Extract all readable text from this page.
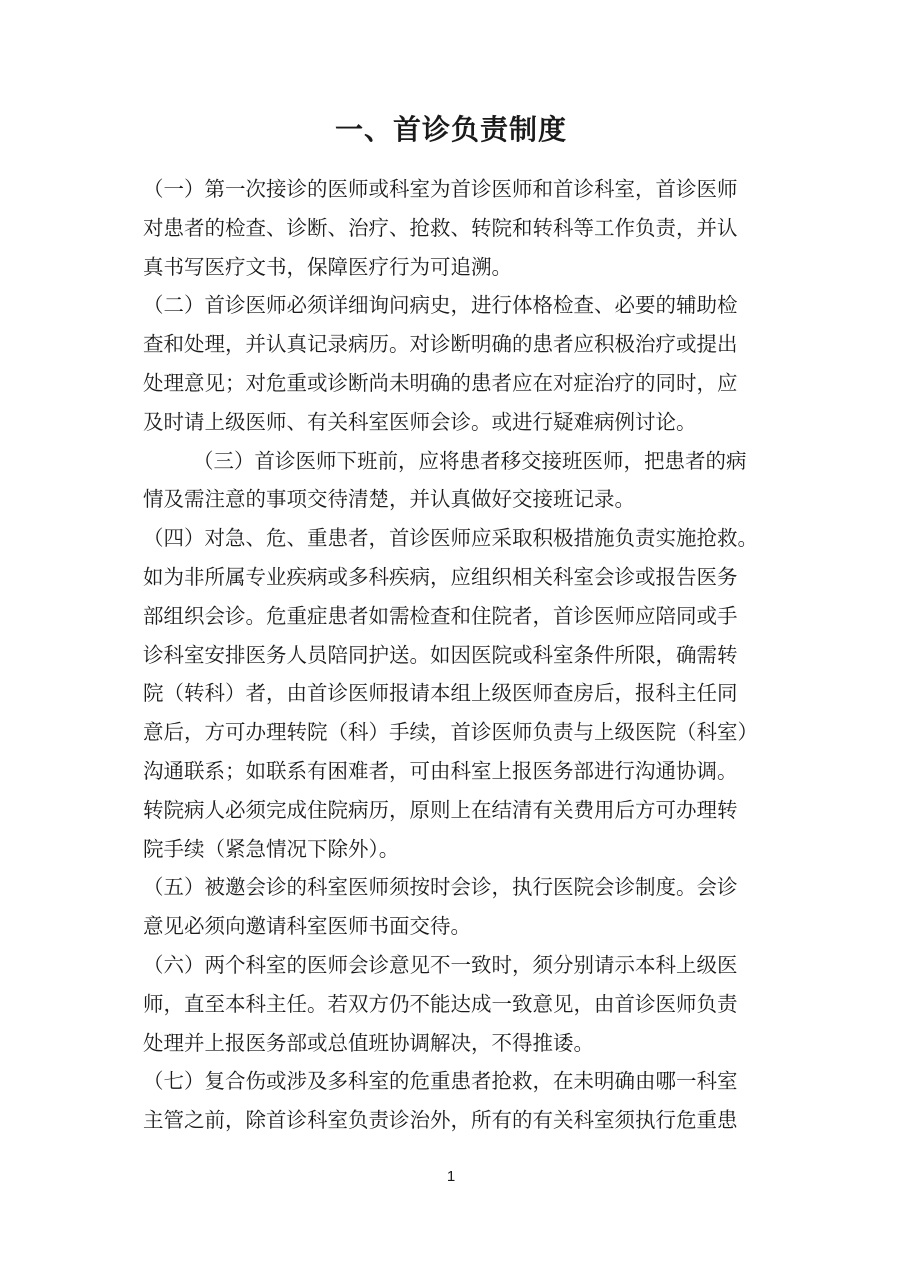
一、首诊负责制度
（一）第一次接诊的医师或科室为首诊医师和首诊科室，首诊医师
对患者的检查、诊断、治疗、抢救、转院和转科等工作负责，并认
真书写医疗文书，保障医疗行为可追溯。
（二）首诊医师必须详细询问病史，进行体格检查、必要的辅助检
查和处理，并认真记录病历。对诊断明确的患者应积极治疗或提出
处理意见；对危重或诊断尚未明确的患者应在对症治疗的同时，应
及时请上级医师、有关科室医师会诊。或进行疑难病例讨论。
（三）首诊医师下班前，应将患者移交接班医师，把患者的病
情及需注意的事项交待清楚，并认真做好交接班记录。
（四）对急、危、重患者，首诊医师应采取积极措施负责实施抢救。
如为非所属专业疾病或多科疾病，应组织相关科室会诊或报告医务
部组织会诊。危重症患者如需检查和住院者，首诊医师应陪同或手
诊科室安排医务人员陪同护送。如因医院或科室条件所限，确需转
院（转科）者，由首诊医师报请本组上级医师查房后，报科主任同
意后，方可办理转院（科）手续，首诊医师负责与上级医院（科室）
沟通联系；如联系有困难者，可由科室上报医务部进行沟通协调。
转院病人必须完成住院病历，原则上在结清有关费用后方可办理转
院手续（紧急情况下除外）。
（五）被邀会诊的科室医师须按时会诊，执行医院会诊制度。会诊
意见必须向邀请科室医师书面交待。
（六）两个科室的医师会诊意见不一致时，须分别请示本科上级医
师，直至本科主任。若双方仍不能达成一致意见，由首诊医师负责
处理并上报医务部或总值班协调解决，不得推诿。
（七）复合伤或涉及多科室的危重患者抢救，在未明确由哪一科室
主管之前，除首诊科室负责诊治外，所有的有关科室须执行危重患
1
